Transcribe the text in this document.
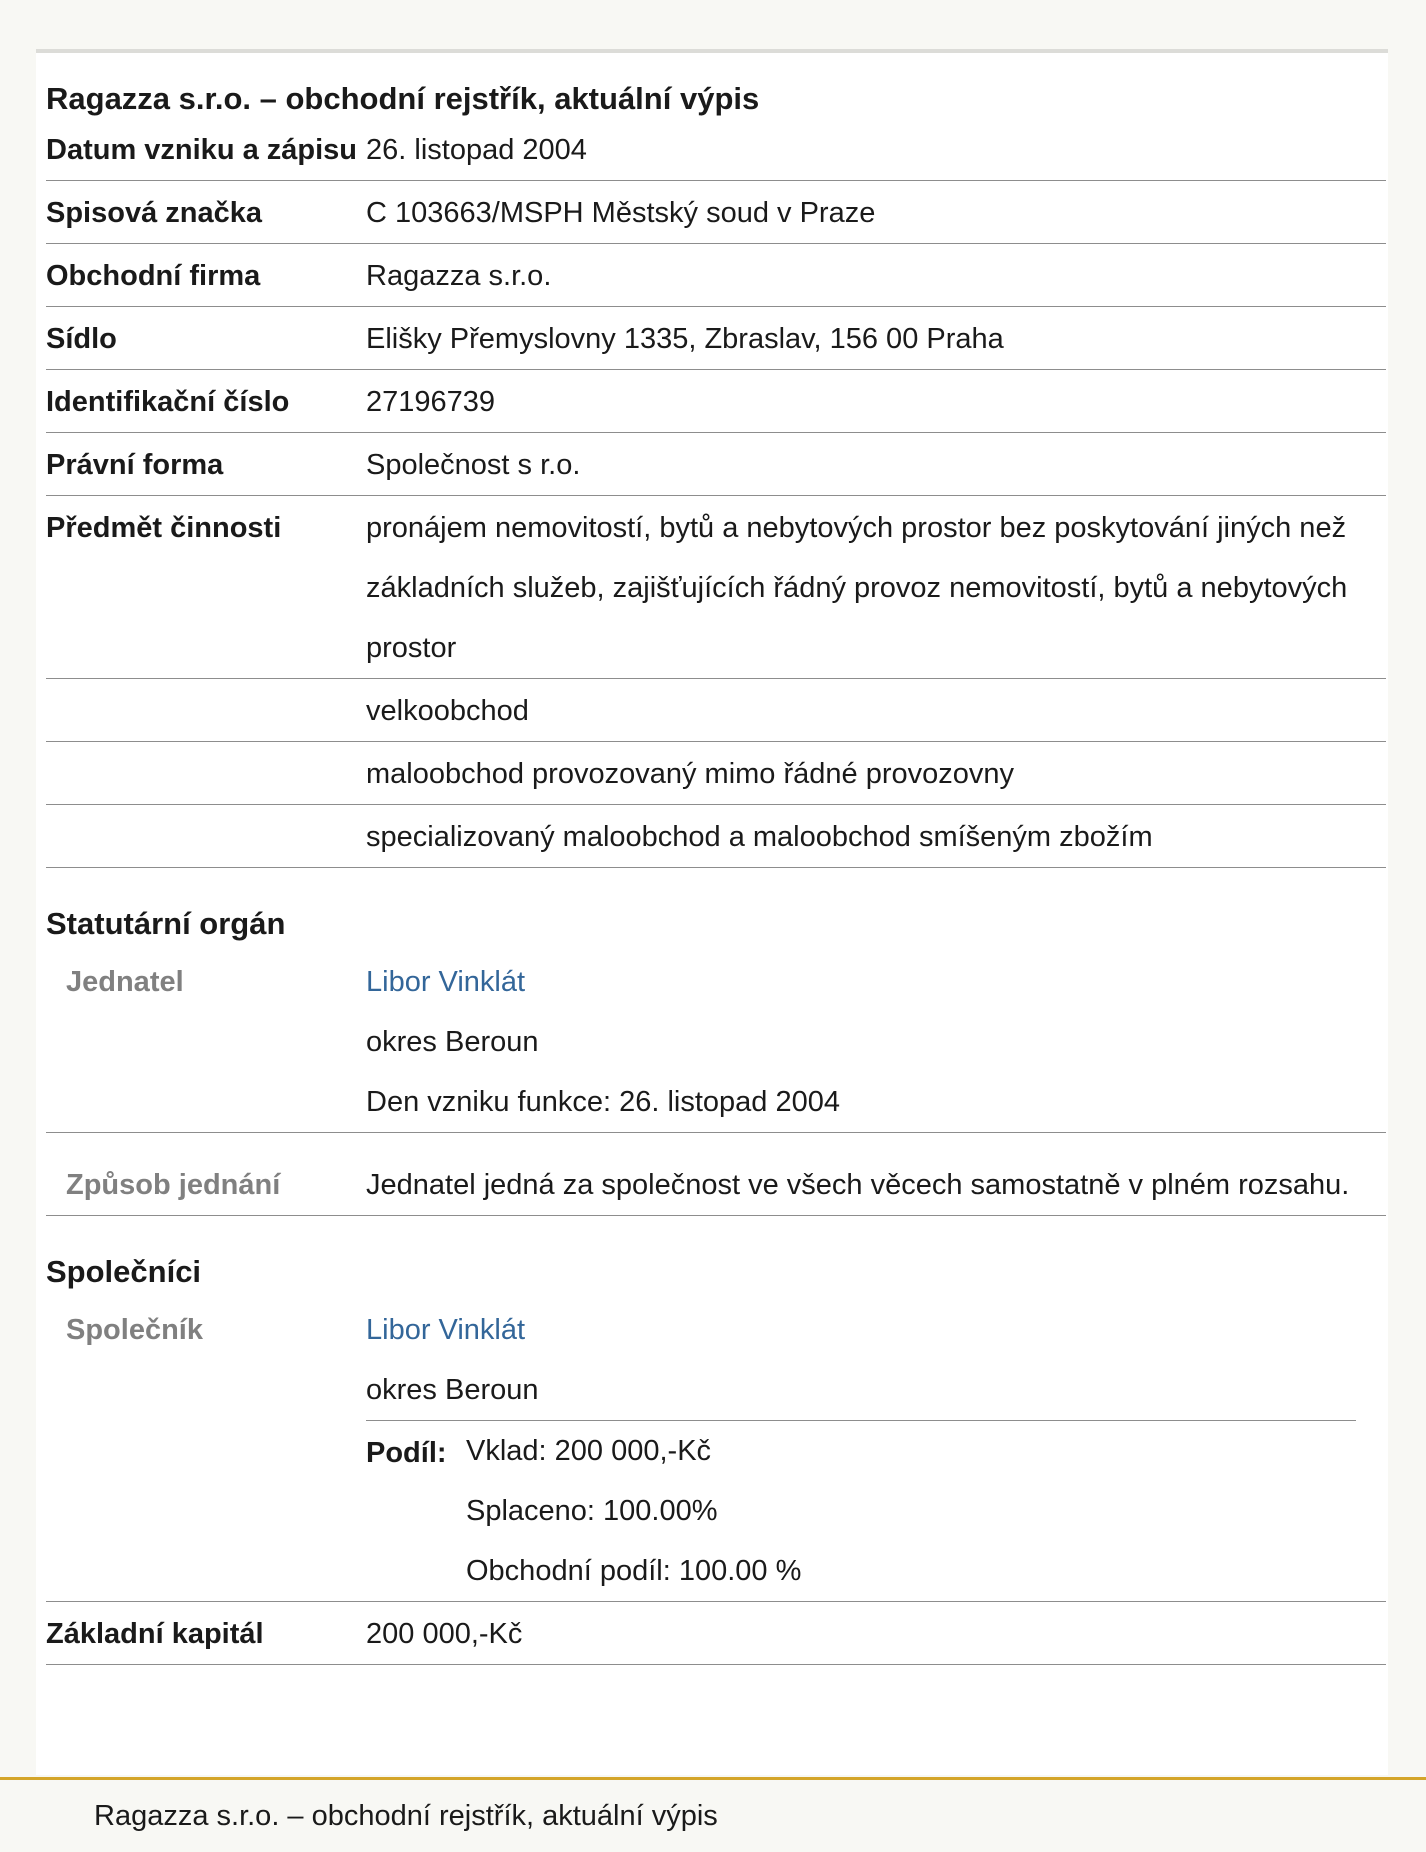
Ragazza s.r.o. – obchodní rejstřík, aktuální výpis
Datum vzniku a zápisu 26. listopad 2004
Spisová značka	C 103663/MSPH Městský soud v Praze
Obchodní firma	Ragazza s.r.o.
Sídlo	Elišky Přemyslovny 1335, Zbraslav, 156 00 Praha
Identifikační číslo	27196739
Právní forma	Společnost s r.o.
Předmět činnosti	pronájem nemovitostí, bytů a nebytových prostor bez poskytování jiných než základních služeb, zajišťujících řádný provoz nemovitostí, bytů a nebytových prostor
velkoobchod
maloobchod provozovaný mimo řádné provozovny
specializovaný maloobchod a maloobchod smíšeným zbožím
Statutární orgán
Jednatel	Libor Vinklát
okres Beroun
Den vzniku funkce: 26. listopad 2004
Způsob jednání	Jednatel jedná za společnost ve všech věcech samostatně v plném rozsahu.
Společníci
Společník	Libor Vinklát
okres Beroun
Podíl: Vklad: 200 000,-Kč
Splaceno: 100.00%
Obchodní podíl: 100.00 %
Základní kapitál	200 000,-Kč
Ragazza s.r.o. – obchodní rejstřík, aktuální výpis
